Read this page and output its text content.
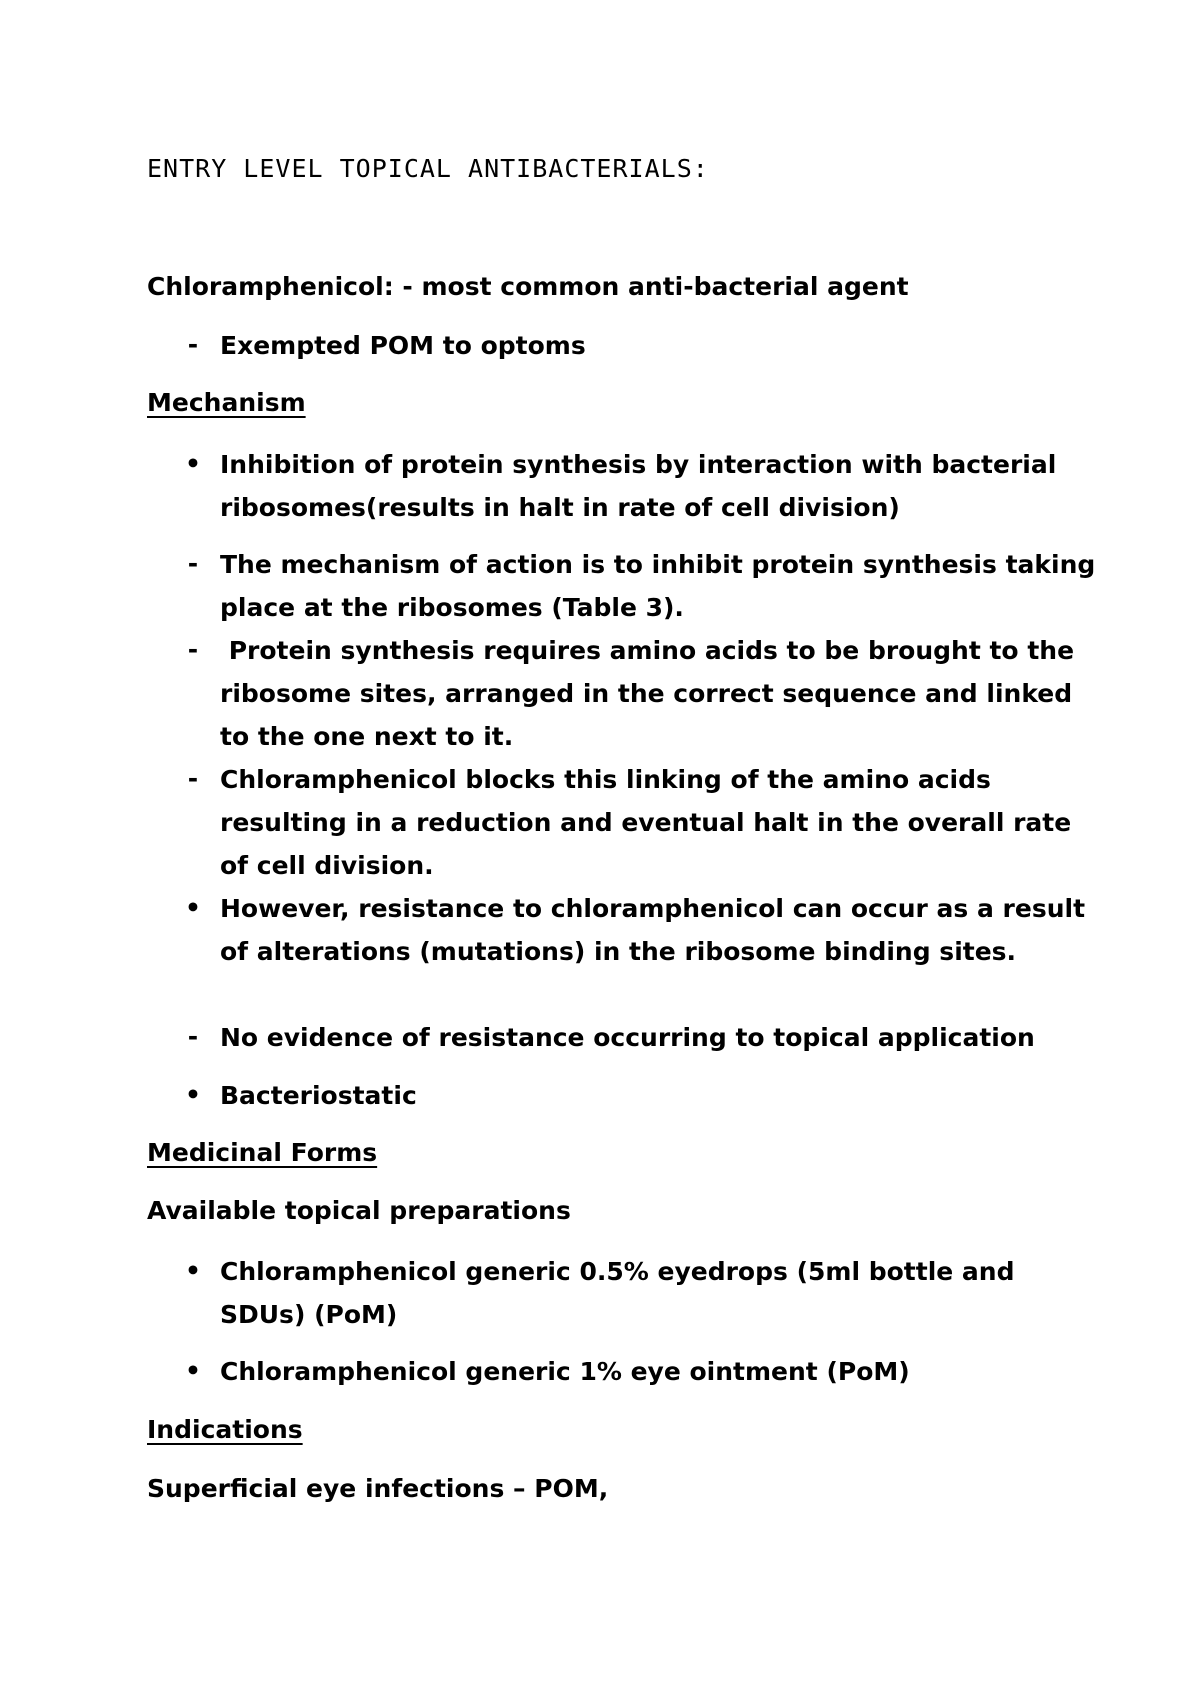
ENTRY LEVEL TOPICAL ANTIBACTERIALS:
Chloramphenicol: - most common anti-bacterial agent
- Exempted POM to optoms
Mechanism
• Inhibition of protein synthesis by interaction with bacterial ribosomes(results in halt in rate of cell division)
- The mechanism of action is to inhibit protein synthesis taking place at the ribosomes (Table 3).
- Protein synthesis requires amino acids to be brought to the ribosome sites, arranged in the correct sequence and linked to the one next to it.
- Chloramphenicol blocks this linking of the amino acids resulting in a reduction and eventual halt in the overall rate of cell division.
• However, resistance to chloramphenicol can occur as a result of alterations (mutations) in the ribosome binding sites.
- No evidence of resistance occurring to topical application
• Bacteriostatic
Medicinal Forms
Available topical preparations
• Chloramphenicol generic 0.5% eyedrops (5ml bottle and SDUs) (PoM)
• Chloramphenicol generic 1% eye ointment (PoM)
Indications
Superficial eye infections – POM,
